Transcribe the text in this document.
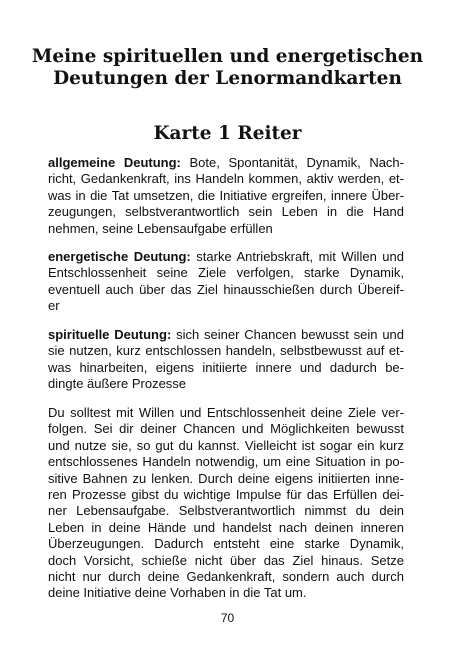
Meine spirituellen und energetischen
Deutungen der Lenormandkarten
Karte 1 Reiter
allgemeine Deutung: Bote, Spontanität, Dynamik, Nach-
richt, Gedankenkraft, ins Handeln kommen, aktiv werden, et-
was in die Tat umsetzen, die Initiative ergreifen, innere Über-
zeugungen, selbstverantwortlich sein Leben in die Hand
nehmen, seine Lebensaufgabe erfüllen
energetische Deutung: starke Antriebskraft, mit Willen und
Entschlossenheit seine Ziele verfolgen, starke Dynamik,
eventuell auch über das Ziel hinausschießen durch Übereif-
er
spirituelle Deutung: sich seiner Chancen bewusst sein und
sie nutzen, kurz entschlossen handeln, selbstbewusst auf et-
was hinarbeiten, eigens initiierte innere und dadurch be-
dingte äußere Prozesse
Du solltest mit Willen und Entschlossenheit deine Ziele ver-
folgen. Sei dir deiner Chancen und Möglichkeiten bewusst
und nutze sie, so gut du kannst. Vielleicht ist sogar ein kurz
entschlossenes Handeln notwendig, um eine Situation in po-
sitive Bahnen zu lenken. Durch deine eigens initiierten inne-
ren Prozesse gibst du wichtige Impulse für das Erfüllen dei-
ner Lebensaufgabe. Selbstverantwortlich nimmst du dein
Leben in deine Hände und handelst nach deinen inneren
Überzeugungen. Dadurch entsteht eine starke Dynamik,
doch Vorsicht, schieße nicht über das Ziel hinaus. Setze
nicht nur durch deine Gedankenkraft, sondern auch durch
deine Initiative deine Vorhaben in die Tat um.
70
